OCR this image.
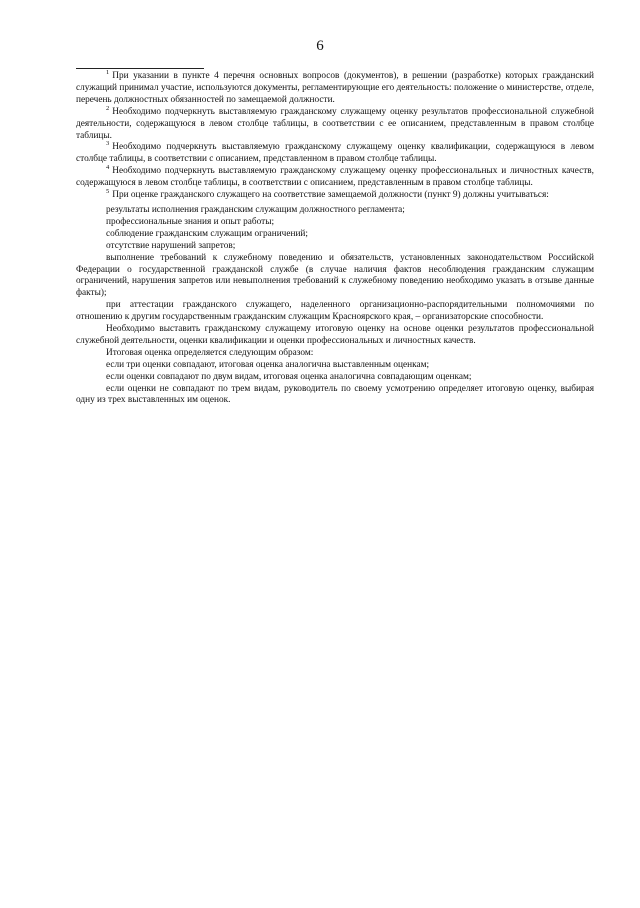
6

$^1$ При указании в пункте 4 перечня основных вопросов (документов), в решении (разработке) которых гражданский служащий принимал участие, используются документы, регламентирующие его деятельность: положение о министерстве, отделе, перечень должностных обязанностей по замещаемой должности.

$^2$ Необходимо подчеркнуть выставляемую гражданскому служащему оценку результатов профессиональной служебной деятельности, содержащуюся в левом столбце таблицы, в соответствии с ее описанием, представленным в правом столбце таблицы.

$^3$ Необходимо подчеркнуть выставляемую гражданскому служащему оценку квалификации, содержащуюся в левом столбце таблицы, в соответствии с описанием, представленном в правом столбце таблицы.

$^4$ Необходимо подчеркнуть выставляемую гражданскому служащему оценку профессиональных и личностных качеств, содержащуюся в левом столбце таблицы, в соответствии с описанием, представленным в правом столбце таблицы.

$^5$ При оценке гражданского служащего на соответствие замещаемой должности (пункт 9) должны учитываться:

результаты исполнения гражданским служащим должностного регламента;

профессиональные знания и опыт работы;

соблюдение гражданским служащим ограничений;

отсутствие нарушений запретов;

выполнение требований к служебному поведению и обязательств, установленных законодательством Российской Федерации о государственной гражданской службе (в случае наличия фактов несоблюдения гражданским служащим ограничений, нарушения запретов или невыполнения требований к служебному поведению необходимо указать в отзыве данные факты);

при аттестации гражданского служащего, наделенного организационно-распорядительными полномочиями по отношению к другим государственным гражданским служащим Красноярского края, – организаторские способности.

Необходимо выставить гражданскому служащему итоговую оценку на основе оценки результатов профессиональной служебной деятельности, оценки квалификации и оценки профессиональных и личностных качеств.

Итоговая оценка определяется следующим образом:

если три оценки совпадают, итоговая оценка аналогична выставленным оценкам;

если оценки совпадают по двум видам, итоговая оценка аналогична совпадающим оценкам;

если оценки не совпадают по трем видам, руководитель по своему усмотрению определяет итоговую оценку, выбирая одну из трех выставленных им оценок.
